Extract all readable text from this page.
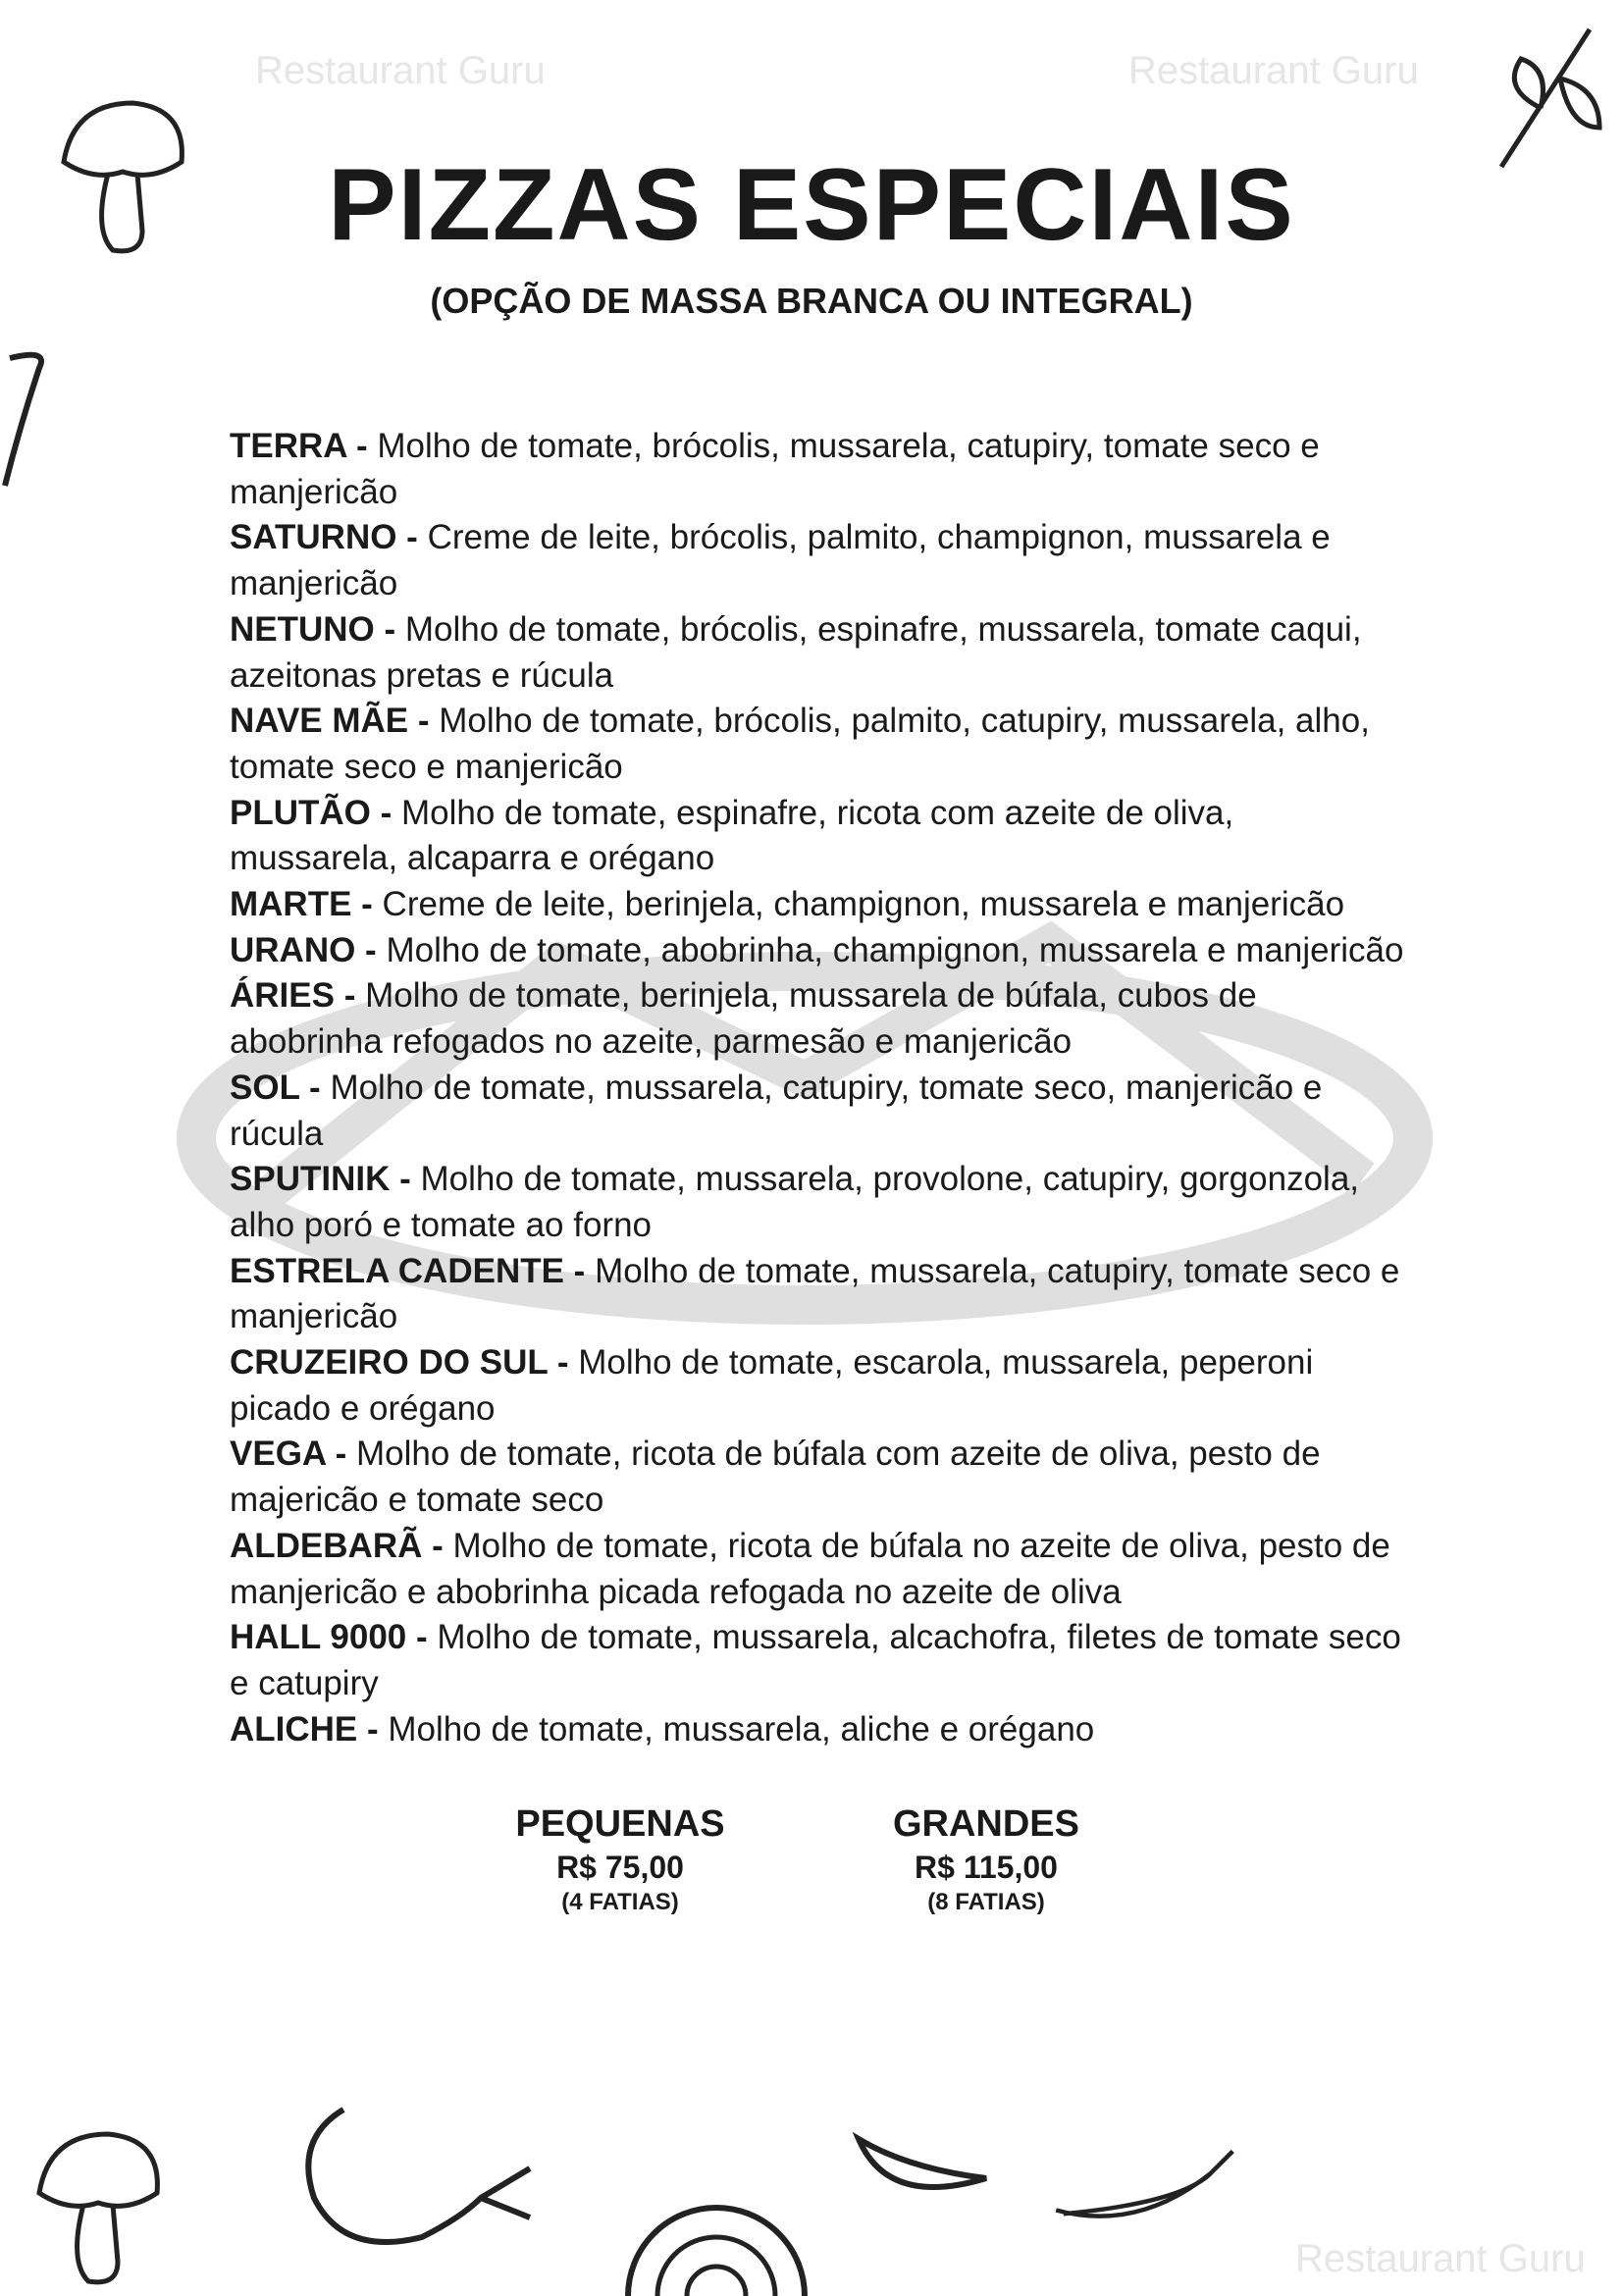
Restaurant Guru	Restaurant Guru
Restaurant Guru
PIZZAS ESPECIAIS
(OPÇÃO DE MASSA BRANCA OU INTEGRAL)

TERRA - Molho de tomate, brócolis, mussarela, catupiry, tomate seco e manjericão

SATURNO - Creme de leite, brócolis, palmito, champignon, mussarela e manjericão

NETUNO - Molho de tomate, brócolis, espinafre, mussarela, tomate caqui, azeitonas pretas e rúcula

NAVE MÃE - Molho de tomate, brócolis, palmito, catupiry, mussarela, alho, tomate seco e manjericão

PLUTÃO - Molho de tomate, espinafre, ricota com azeite de oliva, mussarela, alcaparra e orégano

MARTE - Creme de leite, berinjela, champignon, mussarela e manjericão

URANO - Molho de tomate, abobrinha, champignon, mussarela e manjericão

ÁRIES - Molho de tomate, berinjela, mussarela de búfala, cubos de abobrinha refogados no azeite, parmesão e manjericão

SOL - Molho de tomate, mussarela, catupiry, tomate seco, manjericão e rúcula

SPUTINIK - Molho de tomate, mussarela, provolone, catupiry, gorgonzola, alho poró e tomate ao forno

ESTRELA CADENTE - Molho de tomate, mussarela, catupiry, tomate seco e manjericão

CRUZEIRO DO SUL - Molho de tomate, escarola, mussarela, peperoni picado e orégano

VEGA - Molho de tomate, ricota de búfala com azeite de oliva, pesto de majericão e tomate seco

ALDEBARÃ - Molho de tomate, ricota de búfala no azeite de oliva, pesto de manjericão e abobrinha picada refogada no azeite de oliva

HALL 9000 - Molho de tomate, mussarela, alcachofra, filetes de tomate seco e catupiry

ALICHE - Molho de tomate, mussarela, aliche e orégano

PEQUENAS
R$ 75,00
(4 FATIAS)
GRANDES
R$ 115,00
(8 FATIAS)
